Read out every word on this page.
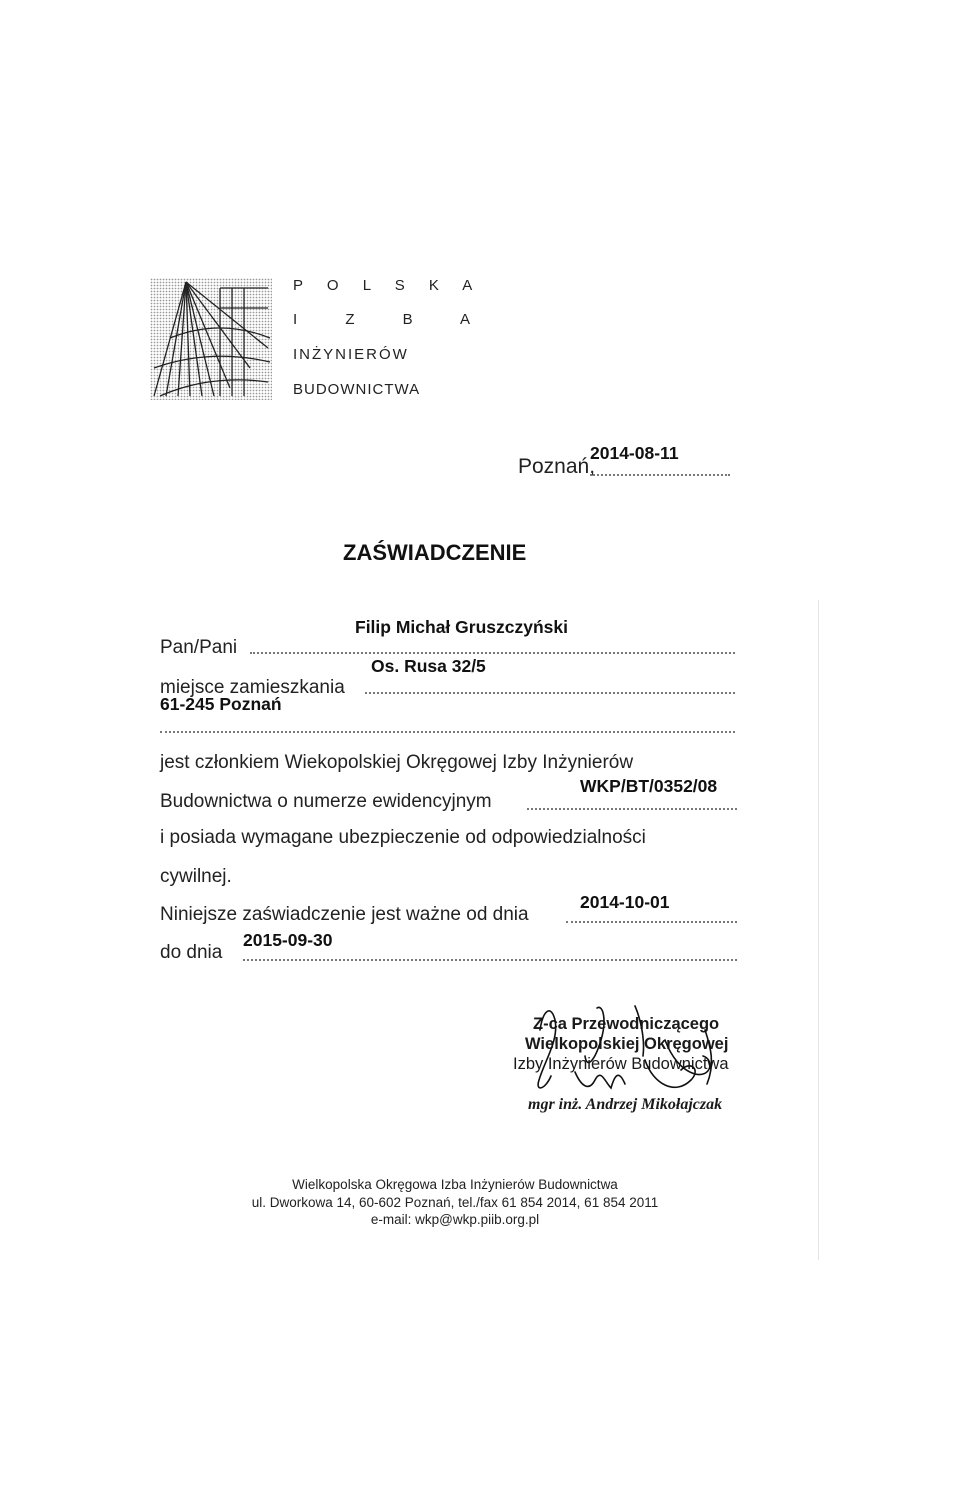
P O L S K A
I Z B A
INŻYNIERÓW
BUDOWNICTWA
Poznań,
2014-08-11
ZAŚWIADCZENIE
Filip Michał Gruszczyński
Pan/Pani
Os. Rusa 32/5
miejsce zamieszkania
61-245 Poznań
jest członkiem Wiekopolskiej Okręgowej Izby Inżynierów
WKP/BT/0352/08
Budownictwa o numerze ewidencyjnym
i posiada wymagane ubezpieczenie od odpowiedzialności
cywilnej.
2014-10-01
Niniejsze zaświadczenie jest ważne od dnia
2015-09-30
do dnia
Z-ca Przewodniczącego
Wielkopolskiej Okręgowej
Izby Inżynierów Budownictwa
mgr inż. Andrzej Mikołajczak
Wielkopolska Okręgowa Izba Inżynierów Budownictwa
ul. Dworkowa 14, 60-602 Poznań, tel./fax 61 854 2014, 61 854 2011
e-mail: wkp@wkp.piib.org.pl
